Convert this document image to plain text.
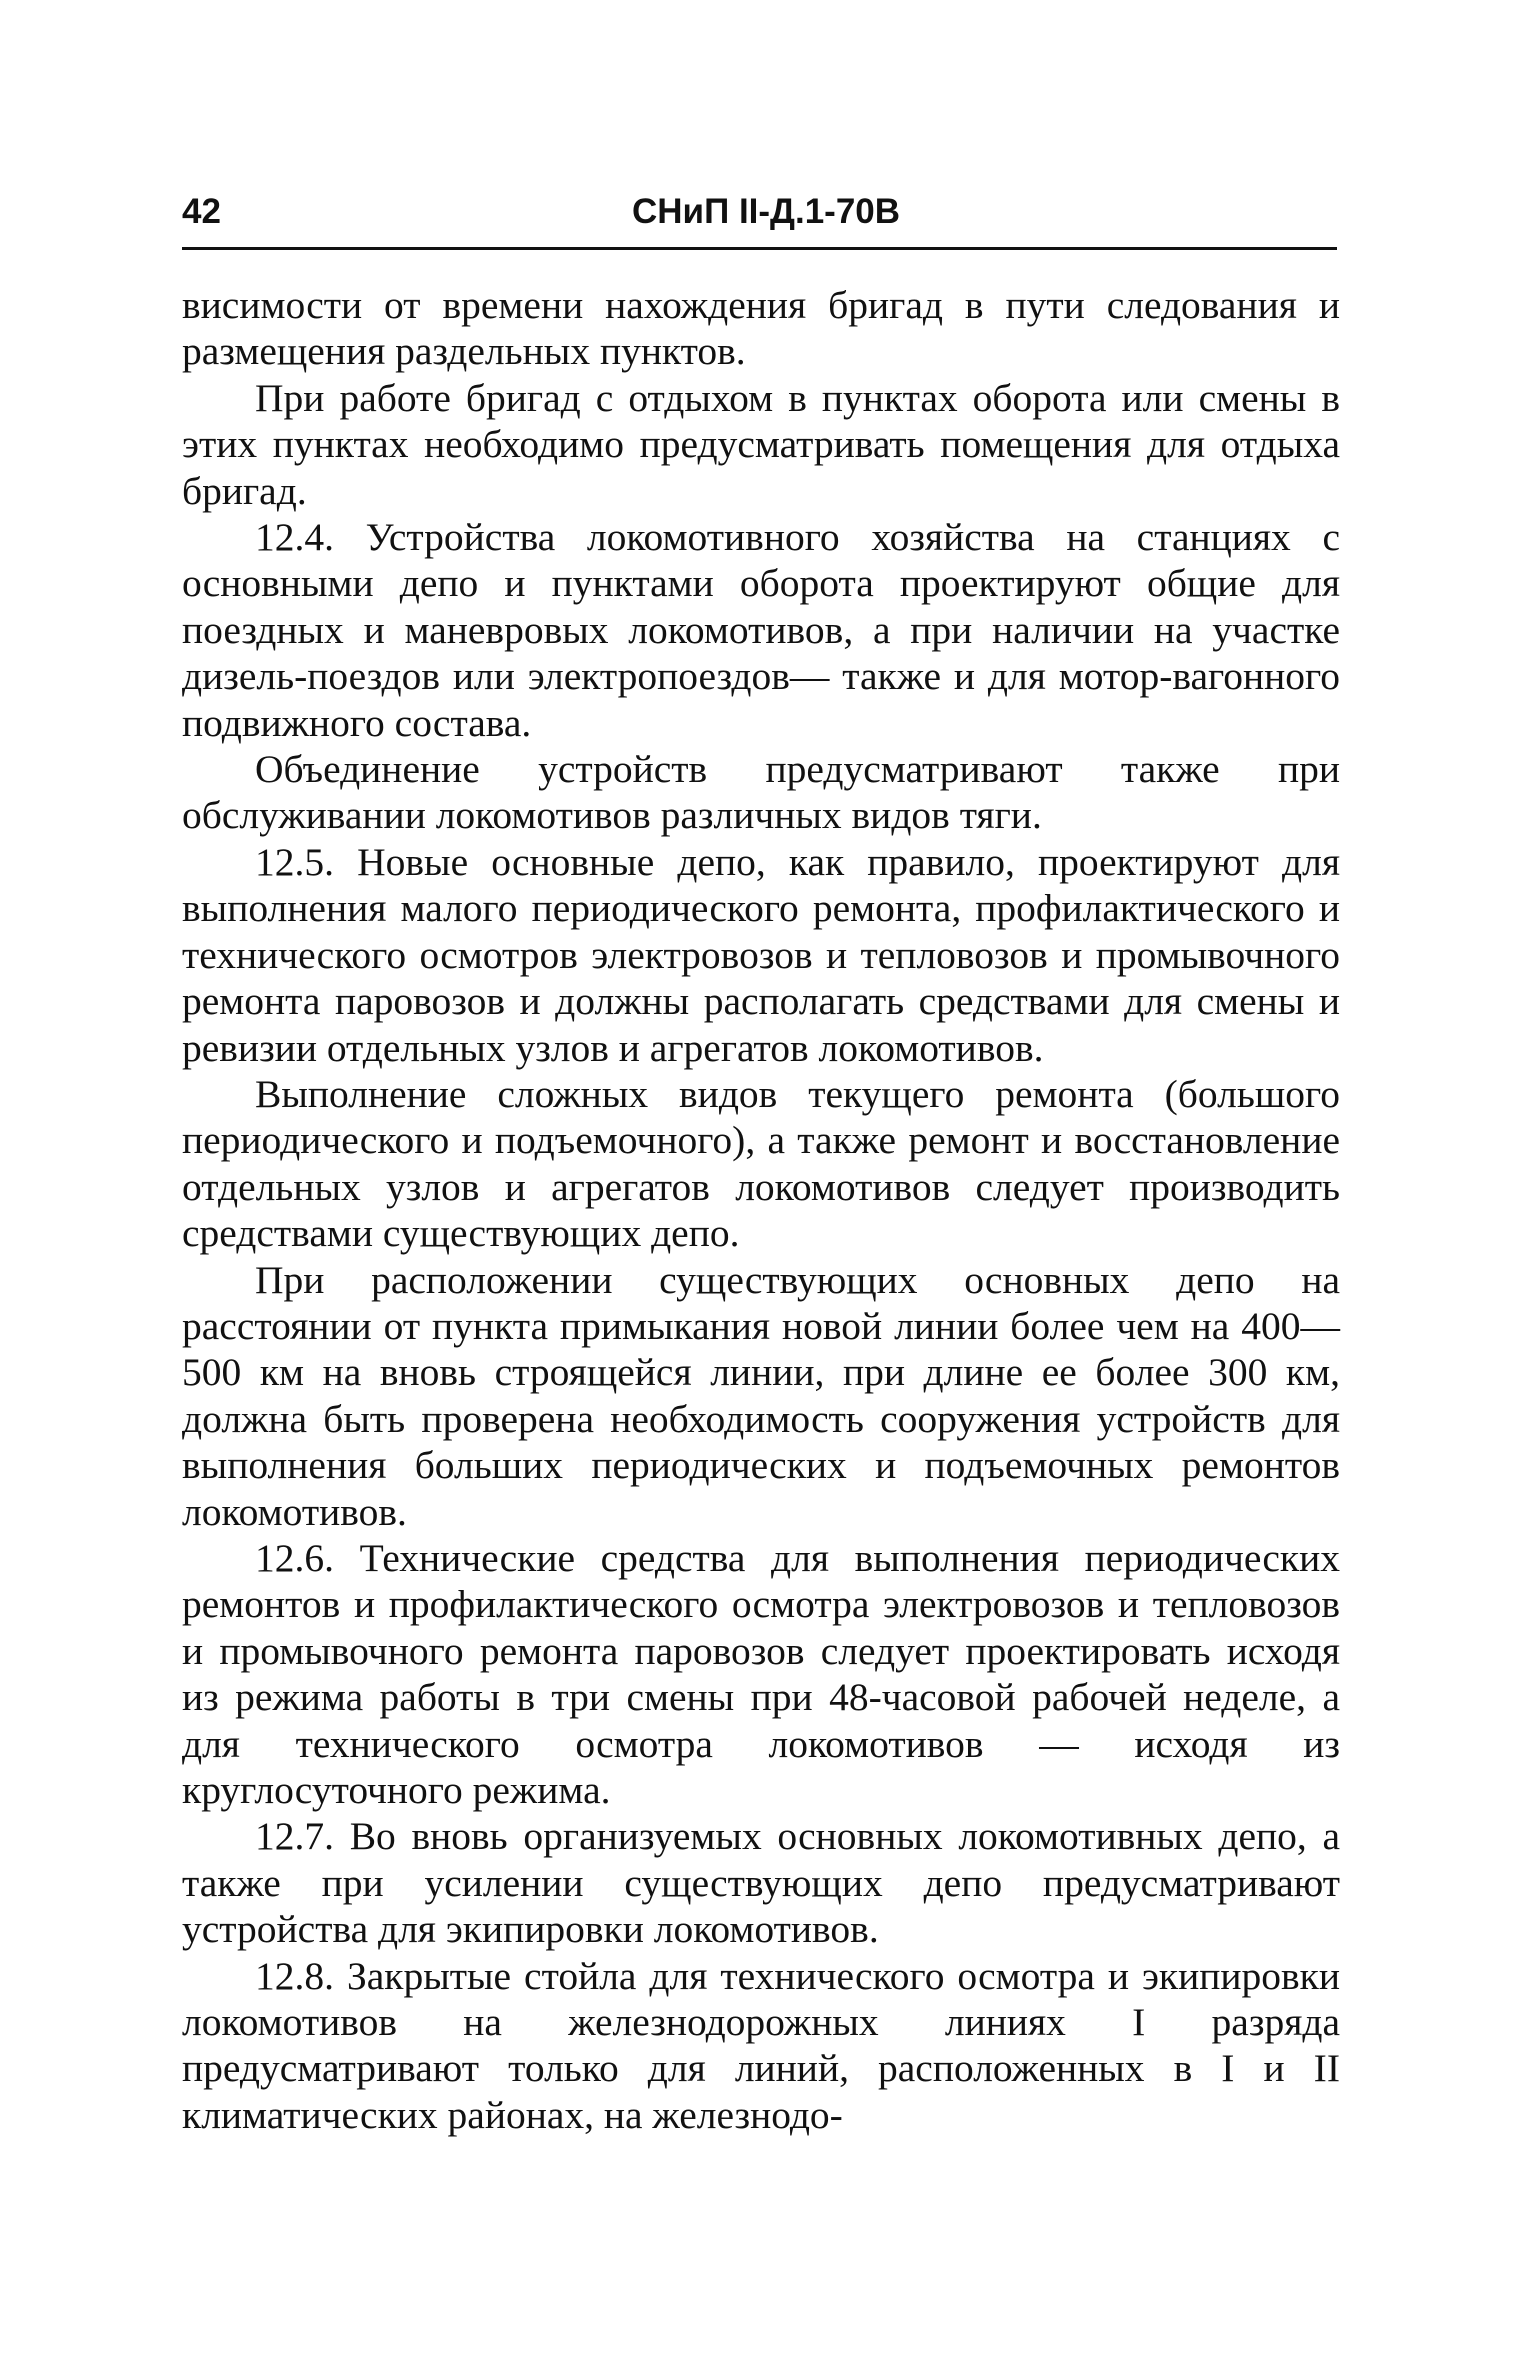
42	СНиП II-Д.1-70В

висимости от времени нахождения бригад в пути следования и размещения раздельных пунктов.

При работе бригад с отдыхом в пунктах оборота или смены в этих пунктах необходимо предусматривать помещения для отдыха бригад.

12.4. Устройства локомотивного хозяйства на станциях с основными депо и пунктами оборота проектируют общие для поездных и маневровых локомотивов, а при наличии на участке дизель-поездов или электропоездов— также и для мотор-вагонного подвижного состава.

Объединение устройств предусматривают также при обслуживании локомотивов различных видов тяги.

12.5. Новые основные депо, как правило, проектируют для выполнения малого периодического ремонта, профилактического и технического осмотров электровозов и тепловозов и промывочного ремонта паровозов и должны располагать средствами для смены и ревизии отдельных узлов и агрегатов локомотивов.

Выполнение сложных видов текущего ремонта (большого периодического и подъемочного), а также ремонт и восстановление отдельных узлов и агрегатов локомотивов следует производить средствами существующих депо.

При расположении существующих основных депо на расстоянии от пункта примыкания новой линии более чем на 400—500 км на вновь строящейся линии, при длине ее более 300 км, должна быть проверена необходимость сооружения устройств для выполнения больших периодических и подъемочных ремонтов локомотивов.

12.6. Технические средства для выполнения периодических ремонтов и профилактического осмотра электровозов и тепловозов и промывочного ремонта паровозов следует проектировать исходя из режима работы в три смены при 48-часовой рабочей неделе, а для технического осмотра локомотивов — исходя из круглосуточного режима.

12.7. Во вновь организуемых основных локомотивных депо, а также при усилении существующих депо предусматривают устройства для экипировки локомотивов.

12.8. Закрытые стойла для технического осмотра и экипировки локомотивов на железнодорожных линиях I разряда предусматривают только для линий, расположенных в I и II климатических районах, на железнодо-
